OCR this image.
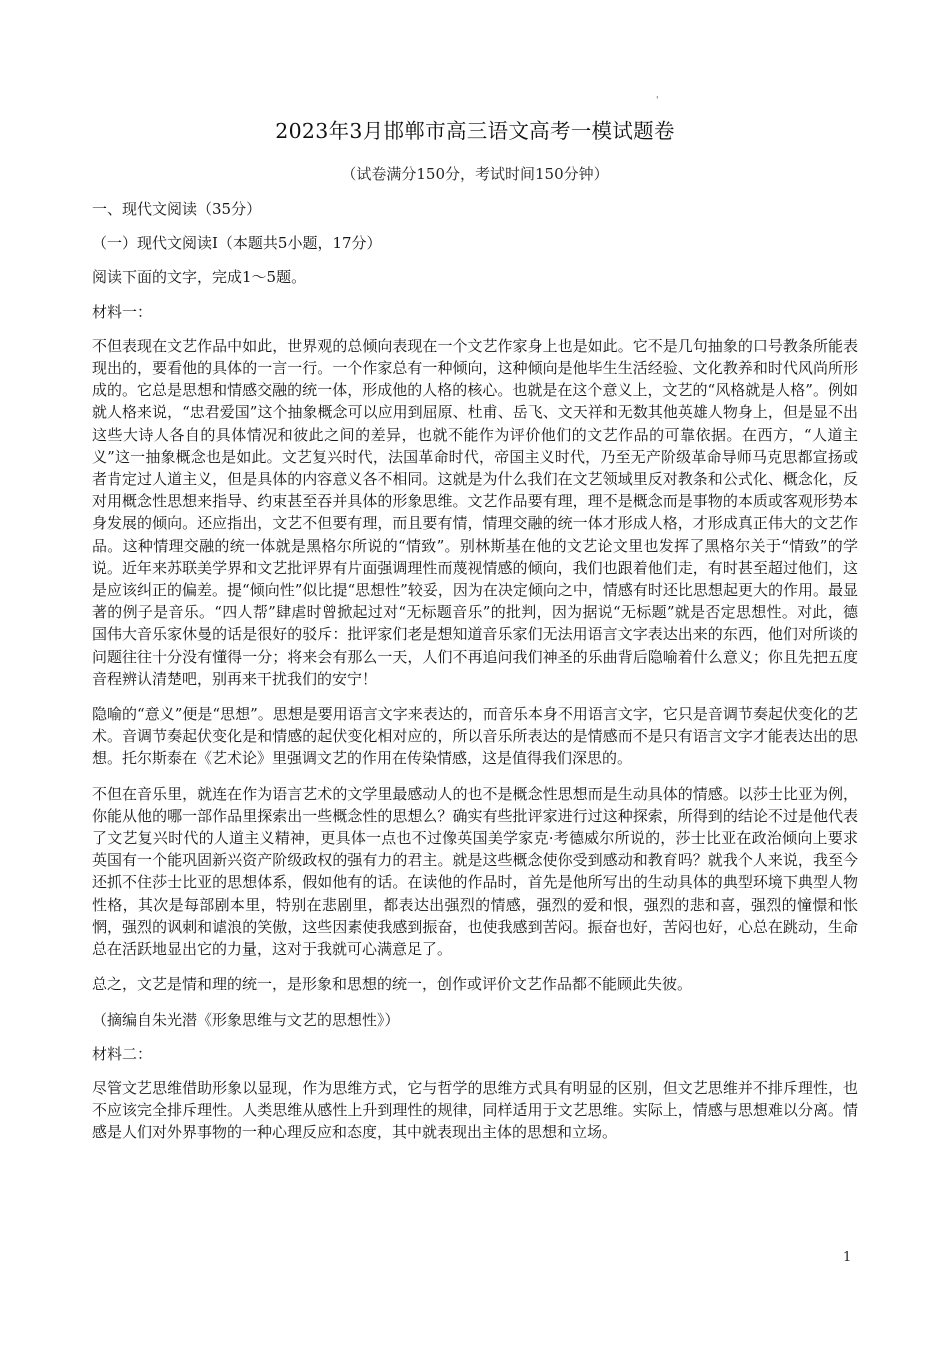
'
2023年3月邯郸市高三语文高考一模试题卷
（试卷满分150分，考试时间150分钟）
一、现代文阅读（35分）
（一）现代文阅读Ⅰ（本题共5小题，17分）
阅读下面的文字，完成1～5题。
材料一：

不但表现在文艺作品中如此，世界观的总倾向表现在一个文艺作家身上也是如此。它不是几句抽象的口号教条所能表现出的，要看他的具体的一言一行。一个作家总有一种倾向，这种倾向是他毕生生活经验、文化教养和时代风尚所形成的。它总是思想和情感交融的统一体，形成他的人格的核心。也就是在这个意义上，文艺的“风格就是人格”。例如就人格来说，“忠君爱国”这个抽象概念可以应用到屈原、杜甫、岳飞、文天祥和无数其他英雄人物身上，但是显不出这些大诗人各自的具体情况和彼此之间的差异，也就不能作为评价他们的文艺作品的可靠依据。在西方，“人道主义”这一抽象概念也是如此。文艺复兴时代，法国革命时代，帝国主义时代，乃至无产阶级革命导师马克思都宣扬或者肯定过人道主义，但是具体的内容意义各不相同。这就是为什么我们在文艺领域里反对教条和公式化、概念化，反对用概念性思想来指导、约束甚至吞并具体的形象思维。文艺作品要有理，理不是概念而是事物的本质或客观形势本身发展的倾向。还应指出，文艺不但要有理，而且要有情，情理交融的统一体才形成人格，才形成真正伟大的文艺作品。这种情理交融的统一体就是黑格尔所说的“情致”。别林斯基在他的文艺论文里也发挥了黑格尔关于“情致”的学说。近年来苏联美学界和文艺批评界有片面强调理性而蔑视情感的倾向，我们也跟着他们走，有时甚至超过他们，这是应该纠正的偏差。提“倾向性”似比提“思想性”较妥，因为在决定倾向之中，情感有时还比思想起更大的作用。最显著的例子是音乐。“四人帮”肆虐时曾掀起过对“无标题音乐”的批判，因为据说“无标题”就是否定思想性。对此，德国伟大音乐家休曼的话是很好的驳斥：批评家们老是想知道音乐家们无法用语言文字表达出来的东西，他们对所谈的问题往往十分没有懂得一分；将来会有那么一天，人们不再追问我们神圣的乐曲背后隐喻着什么意义；你且先把五度音程辨认清楚吧，别再来干扰我们的安宁！

隐喻的“意义”便是“思想”。思想是要用语言文字来表达的，而音乐本身不用语言文字，它只是音调节奏起伏变化的艺术。音调节奏起伏变化是和情感的起伏变化相对应的，所以音乐所表达的是情感而不是只有语言文字才能表达出的思想。托尔斯泰在《艺术论》里强调文艺的作用在传染情感，这是值得我们深思的。

不但在音乐里，就连在作为语言艺术的文学里最感动人的也不是概念性思想而是生动具体的情感。以莎士比亚为例，你能从他的哪一部作品里探索出一些概念性的思想么？确实有些批评家进行过这种探索，所得到的结论不过是他代表了文艺复兴时代的人道主义精神，更具体一点也不过像英国美学家克·考德威尔所说的，莎士比亚在政治倾向上要求英国有一个能巩固新兴资产阶级政权的强有力的君主。就是这些概念使你受到感动和教育吗？就我个人来说，我至今还抓不住莎士比亚的思想体系，假如他有的话。在读他的作品时，首先是他所写出的生动具体的典型环境下典型人物性格，其次是每部剧本里，特别在悲剧里，都表达出强烈的情感，强烈的爱和恨，强烈的悲和喜，强烈的憧憬和怅惘，强烈的讽刺和谑浪的笑傲，这些因素使我感到振奋，也使我感到苦闷。振奋也好，苦闷也好，心总在跳动，生命总在活跃地显出它的力量，这对于我就可心满意足了。

总之，文艺是情和理的统一，是形象和思想的统一，创作或评价文艺作品都不能顾此失彼。

（摘编自朱光潜《形象思维与文艺的思想性》）
材料二：

尽管文艺思维借助形象以显现，作为思维方式，它与哲学的思维方式具有明显的区别，但文艺思维并不排斥理性，也不应该完全排斥理性。人类思维从感性上升到理性的规律，同样适用于文艺思维。实际上，情感与思想难以分离。情感是人们对外界事物的一种心理反应和态度，其中就表现出主体的思想和立场。

1
